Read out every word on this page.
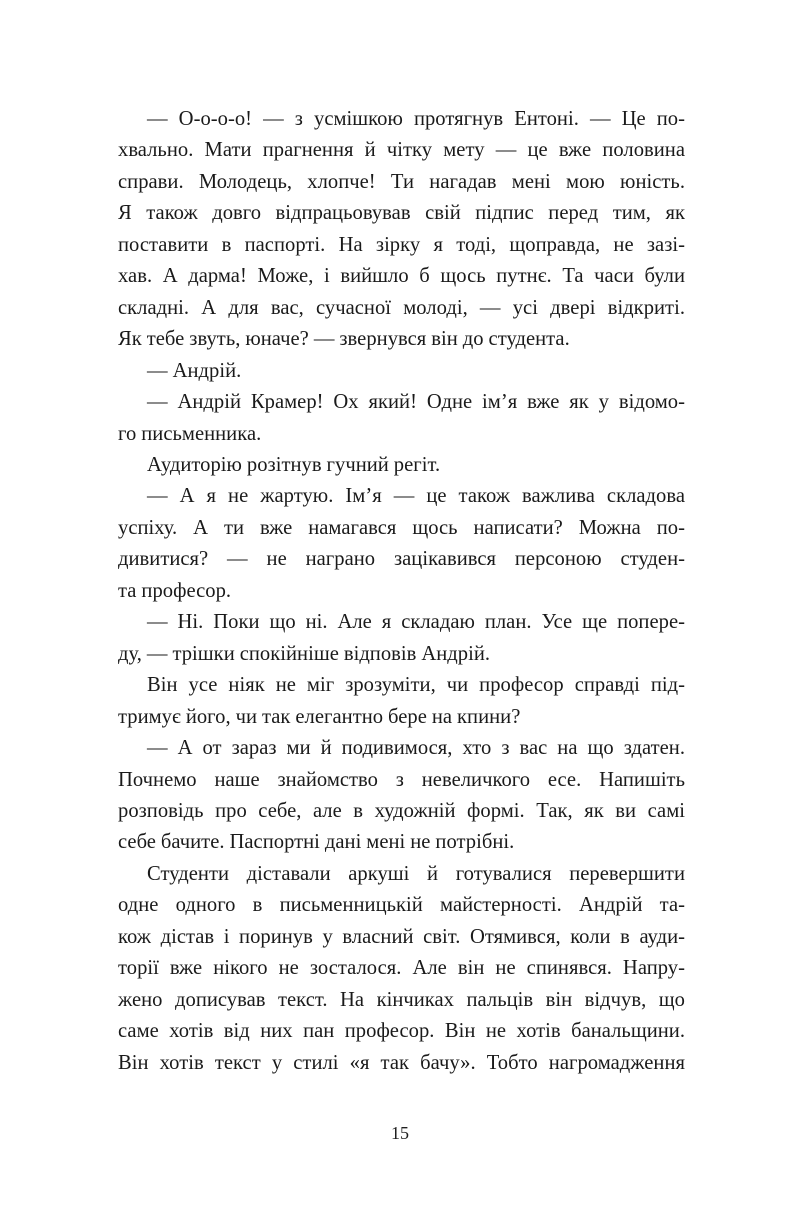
— О-о-о-о! — з усмішкою протягнув Ентоні. — Це по-
хвально. Мати прагнення й чітку мету — це вже половина
справи. Молодець, хлопче! Ти нагадав мені мою юність.
Я також довго відпрацьовував свій підпис перед тим, як
поставити в паспорті. На зірку я тоді, щоправда, не зазі-
хав. А дарма! Може, і вийшло б щось путнє. Та часи були
складні. А для вас, сучасної молоді, — усі двері відкриті.
Як тебе звуть, юначе? — звернувся він до студента.

— Андрій.

— Андрій Крамер! Ох який! Одне ім’я вже як у відомо-
го письменника.

Аудиторію розітнув гучний регіт.

— А я не жартую. Ім’я — це також важлива складова
успіху. А ти вже намагався щось написати? Можна по-
дивитися? — не награно зацікавився персоною студен-
та професор.

— Ні. Поки що ні. Але я складаю план. Усе ще попере-
ду, — трішки спокійніше відповів Андрій.

Він усе ніяк не міг зрозуміти, чи професор справді під-
тримує його, чи так елегантно бере на кпини?

— А от зараз ми й подивимося, хто з вас на що здатен.
Почнемо наше знайомство з невеличкого есе. Напишіть
розповідь про себе, але в художній формі. Так, як ви самі
себе бачите. Паспортні дані мені не потрібні.

Студенти діставали аркуші й готувалися перевершити
одне одного в письменницькій майстерності. Андрій та-
кож дістав і поринув у власний світ. Отямився, коли в ауди-
торії вже нікого не зосталося. Але він не спинявся. Напру-
жено дописував текст. На кінчиках пальців він відчув, що
саме хотів від них пан професор. Він не хотів банальщини.
Він хотів текст у стилі «я так бачу». Тобто нагромадження

15
